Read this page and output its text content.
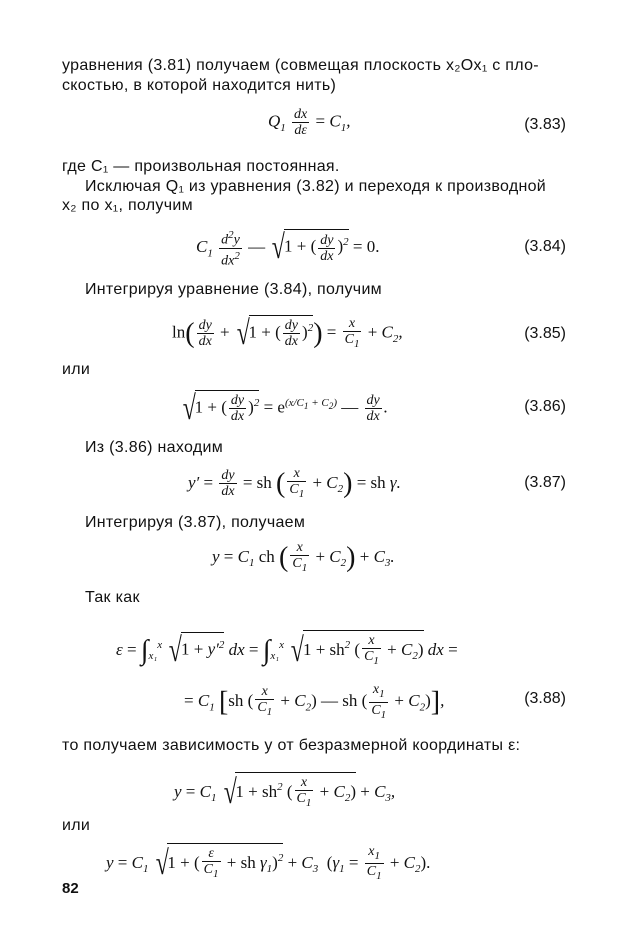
уравнения (3.81) получаем (совмещая плоскость x₂Ox₁ с пло-
скостью, в которой находится нить)
$Q_1 \frac{dx}{d\varepsilon} = C_1$,	(3.83)
где C₁ — произвольная постоянная.
Исключая Q₁ из уравнения (3.82) и переходя к производной
x₂ по x₁, получим
$C_1 \frac{d^2y}{dx^2}$ — √1 + ( $\frac{dy}{dx} )^2 = 0$.	(3.84)
Интегрируя уравнение (3.84), получим
$\ln( \frac{dy}{dx} + √1$ + ( $\frac{dy}{dx} )^2) = \frac{x}{C_1} + C_2$,	(3.85)
или
√1 + ( $\frac{dy}{dx} )^2 = e^{(x/C_1 + C_2)}$ — $\frac{dy}{dx}$ .	(3.86)
Из (3.86) находим
$y' = \frac{dy}{dx}$ = sh ( $\frac{x}{C_1} + C_2$) = sh γ.	(3.87)
Интегрируя (3.87), получаем
$y = C_1$ ch ( $\frac{x}{C_1} + C_2) + C_3$.
Так как
$\varepsilon = \int_{x_1}^x$ $√1 + y'^2$ dx = $\int_{x_1}^x$ $√1 + sh^2$ ( $\frac{x}{C_1} + C_2$) dx =
= $C_1$ [sh ( $\frac{x}{C_1} + C_2$) — sh ( $\frac{x_1}{C_1} + C_2$)],	(3.88)
то получаем зависимость y от безразмерной координаты ε:
$y = C_1$ $√1 + sh^2$ ( $\frac{x}{C_1} + C_2) + C_3$,
или
$y = C_1$ √1 + ( $\frac{\varepsilon}{C_1}$ + sh $\gamma_1)^2 + C_3$  $(\gamma_1 = \frac{x_1}{C_1} + C_2)$.
82
